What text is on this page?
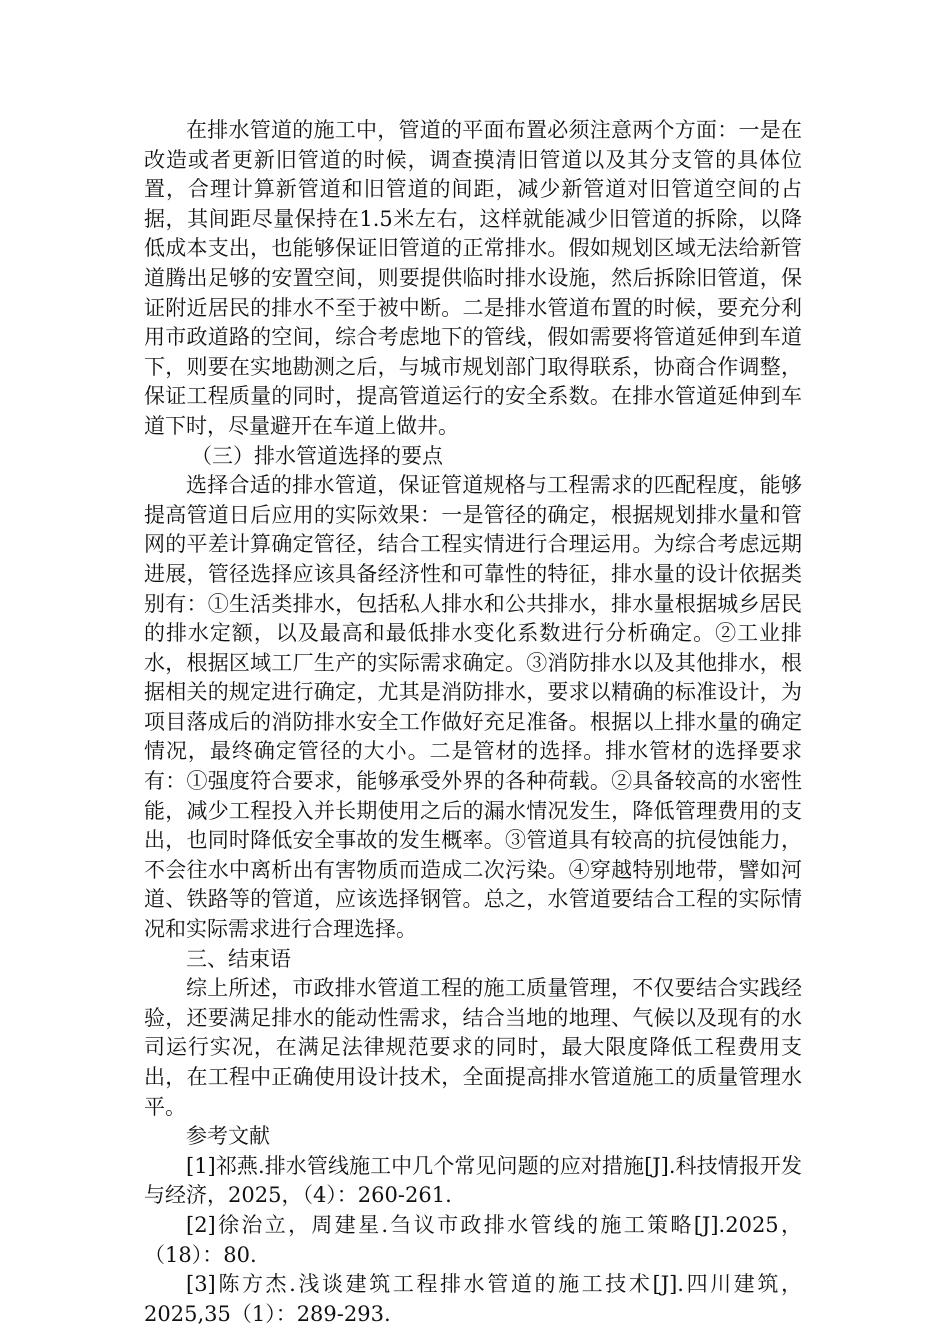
在排水管道的施工中，管道的平面布置必须注意两个方面：一是在改造或者更新旧管道的时候，调查摸清旧管道以及其分支管的具体位置，合理计算新管道和旧管道的间距，减少新管道对旧管道空间的占据，其间距尽量保持在1.5米左右，这样就能减少旧管道的拆除，以降低成本支出，也能够保证旧管道的正常排水。假如规划区域无法给新管道腾出足够的安置空间，则要提供临时排水设施，然后拆除旧管道，保证附近居民的排水不至于被中断。二是排水管道布置的时候，要充分利用市政道路的空间，综合考虑地下的管线，假如需要将管道延伸到车道下，则要在实地勘测之后，与城市规划部门取得联系，协商合作调整，保证工程质量的同时，提高管道运行的安全系数。在排水管道延伸到车道下时，尽量避开在车道上做井。

（三）排水管道选择的要点

选择合适的排水管道，保证管道规格与工程需求的匹配程度，能够提高管道日后应用的实际效果：一是管径的确定，根据规划排水量和管网的平差计算确定管径，结合工程实情进行合理运用。为综合考虑远期进展，管径选择应该具备经济性和可靠性的特征，排水量的设计依据类别有：①生活类排水，包括私人排水和公共排水，排水量根据城乡居民的排水定额，以及最高和最低排水变化系数进行分析确定。②工业排水，根据区域工厂生产的实际需求确定。③消防排水以及其他排水，根据相关的规定进行确定，尤其是消防排水，要求以精确的标准设计，为项目落成后的消防排水安全工作做好充足准备。根据以上排水量的确定情况，最终确定管径的大小。二是管材的选择。排水管材的选择要求有：①强度符合要求，能够承受外界的各种荷载。②具备较高的水密性能，减少工程投入并长期使用之后的漏水情况发生，降低管理费用的支出，也同时降低安全事故的发生概率。③管道具有较高的抗侵蚀能力，不会往水中离析出有害物质而造成二次污染。④穿越特别地带，譬如河道、铁路等的管道，应该选择钢管。总之，水管道要结合工程的实际情况和实际需求进行合理选择。

三、结束语

综上所述，市政排水管道工程的施工质量管理，不仅要结合实践经验，还要满足排水的能动性需求，结合当地的地理、气候以及现有的水司运行实况，在满足法律规范要求的同时，最大限度降低工程费用支出，在工程中正确使用设计技术，全面提高排水管道施工的质量管理水平。

参考文献

[1]祁燕.排水管线施工中几个常见问题的应对措施[J].科技情报开发与经济，2025，（4）：260-261.

[2]徐治立，周建星.刍议市政排水管线的施工策略[J].2025，（18）：80.

[3]陈方杰.浅谈建筑工程排水管道的施工技术[J].四川建筑，2025,35（1）：289-293.
